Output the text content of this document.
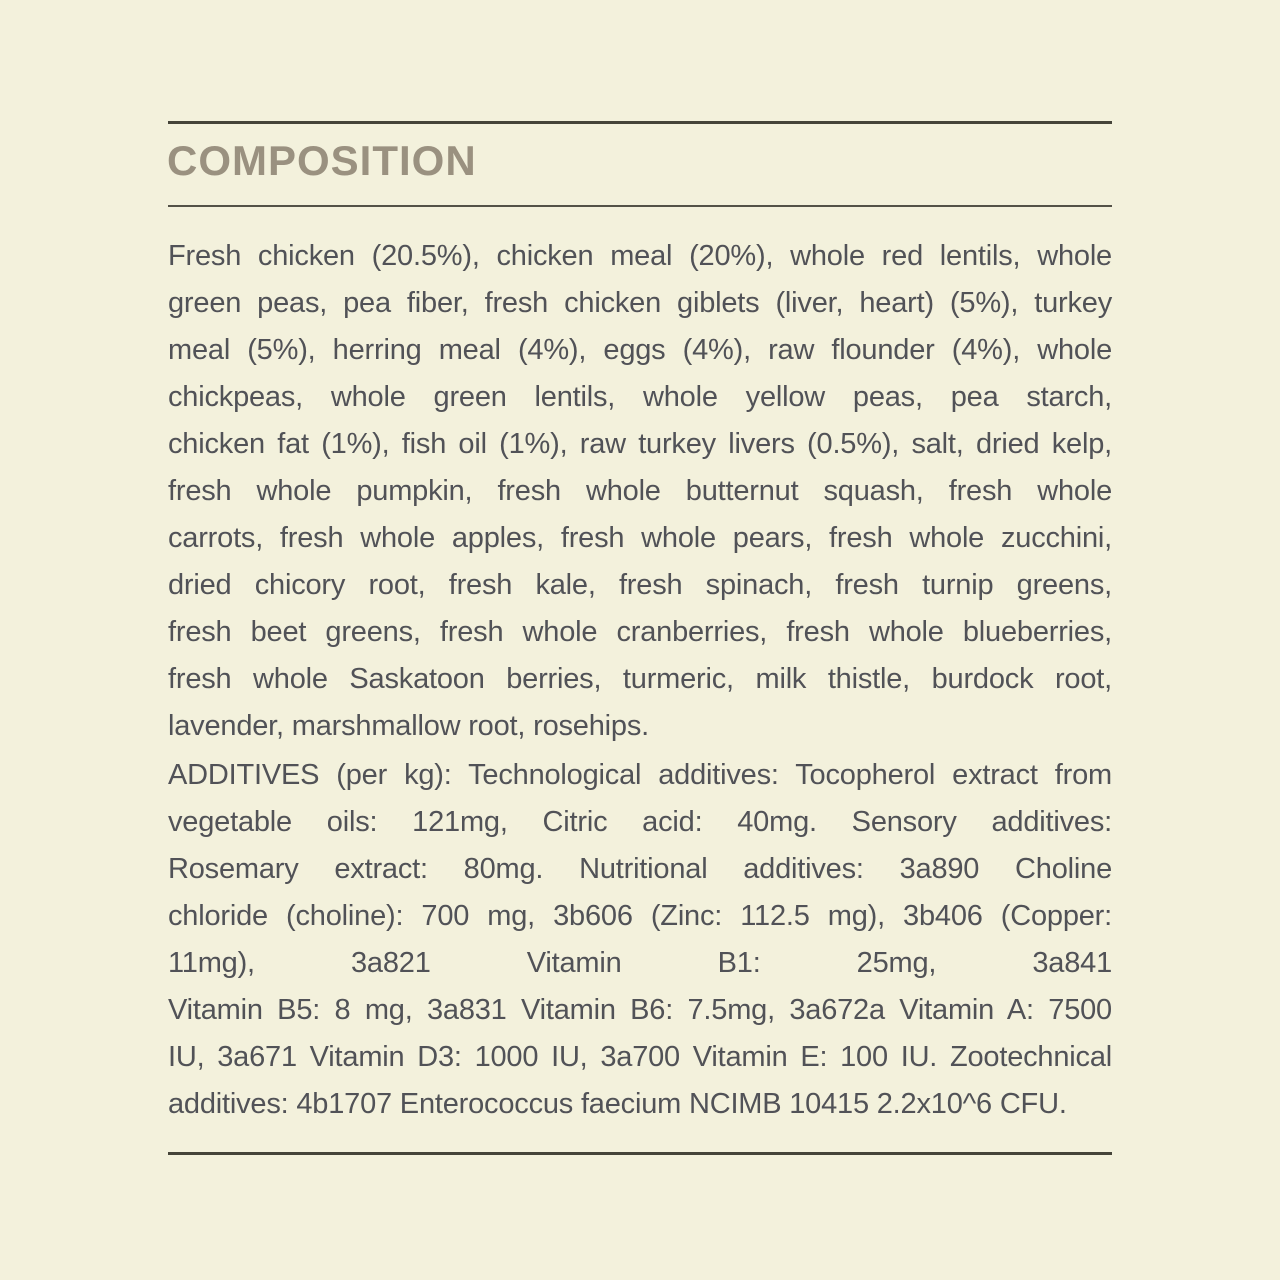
COMPOSITION
Fresh chicken (20.5%), chicken meal (20%), whole red lentils, whole
green peas, pea fiber, fresh chicken giblets (liver, heart) (5%), turkey
meal (5%), herring meal (4%), eggs (4%), raw flounder (4%), whole
chickpeas, whole green lentils, whole yellow peas, pea starch,
chicken fat (1%), fish oil (1%), raw turkey livers (0.5%), salt, dried kelp,
fresh whole pumpkin, fresh whole butternut squash, fresh whole
carrots, fresh whole apples, fresh whole pears, fresh whole zucchini,
dried chicory root, fresh kale, fresh spinach, fresh turnip greens,
fresh beet greens, fresh whole cranberries, fresh whole blueberries,
fresh whole Saskatoon berries, turmeric, milk thistle, burdock root,
lavender, marshmallow root, rosehips.
ADDITIVES (per kg): Technological additives: Tocopherol extract from
vegetable oils: 121mg, Citric acid: 40mg. Sensory additives:
Rosemary extract: 80mg. Nutritional additives: 3a890 Choline
chloride (choline): 700 mg, 3b606 (Zinc: 112.5 mg), 3b406 (Copper:
11mg), 3a821 Vitamin B1: 25mg, 3a841
Vitamin B5: 8 mg, 3a831 Vitamin B6: 7.5mg, 3a672a Vitamin A: 7500
IU, 3a671 Vitamin D3: 1000 IU, 3a700 Vitamin E: 100 IU. Zootechnical
additives: 4b1707 Enterococcus faecium NCIMB 10415 2.2x10^6 CFU.
